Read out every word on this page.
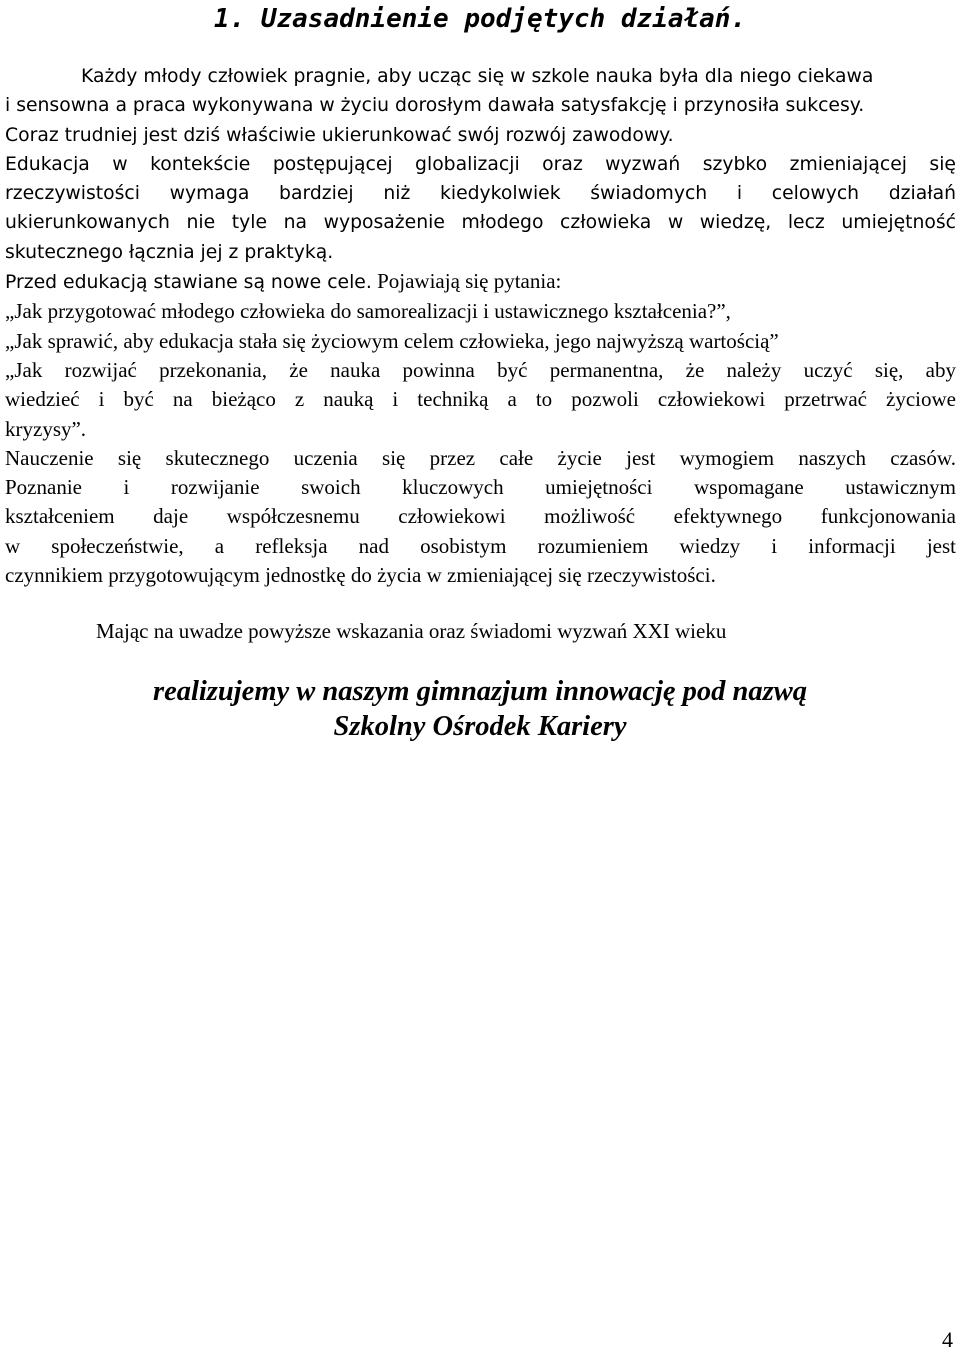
1. Uzasadnienie podjętych działań.
Każdy młody człowiek pragnie, aby ucząc się w szkole nauka była dla niego ciekawa
i sensowna a praca wykonywana w życiu dorosłym dawała satysfakcję i przynosiła sukcesy.
Coraz trudniej jest dziś właściwie ukierunkować swój rozwój zawodowy.
Edukacja w kontekście postępującej globalizacji oraz wyzwań szybko zmieniającej się
rzeczywistości wymaga bardziej niż kiedykolwiek świadomych i celowych działań
ukierunkowanych nie tyle na wyposażenie młodego człowieka w wiedzę, lecz umiejętność
skutecznego łącznia jej z praktyką.
Przed edukacją stawiane są nowe cele. Pojawiają się pytania:
„Jak przygotować młodego człowieka do samorealizacji i ustawicznego kształcenia?”,
„Jak sprawić, aby edukacja stała się życiowym celem człowieka, jego najwyższą wartością”
„Jak rozwijać przekonania, że nauka powinna być permanentna, że należy uczyć się, aby
wiedzieć i być na bieżąco z nauką i techniką a to pozwoli człowiekowi przetrwać życiowe
kryzysy”.
Nauczenie się skutecznego uczenia się przez całe życie jest wymogiem naszych czasów.
Poznanie i rozwijanie swoich kluczowych umiejętności wspomagane ustawicznym
kształceniem daje współczesnemu człowiekowi możliwość efektywnego funkcjonowania
w społeczeństwie, a refleksja nad osobistym rozumieniem wiedzy i informacji jest
czynnikiem przygotowującym jednostkę do życia w zmieniającej się rzeczywistości.
Mając na uwadze powyższe wskazania oraz świadomi wyzwań XXI wieku
realizujemy w naszym gimnazjum innowację pod nazwą
Szkolny Ośrodek Kariery
4
